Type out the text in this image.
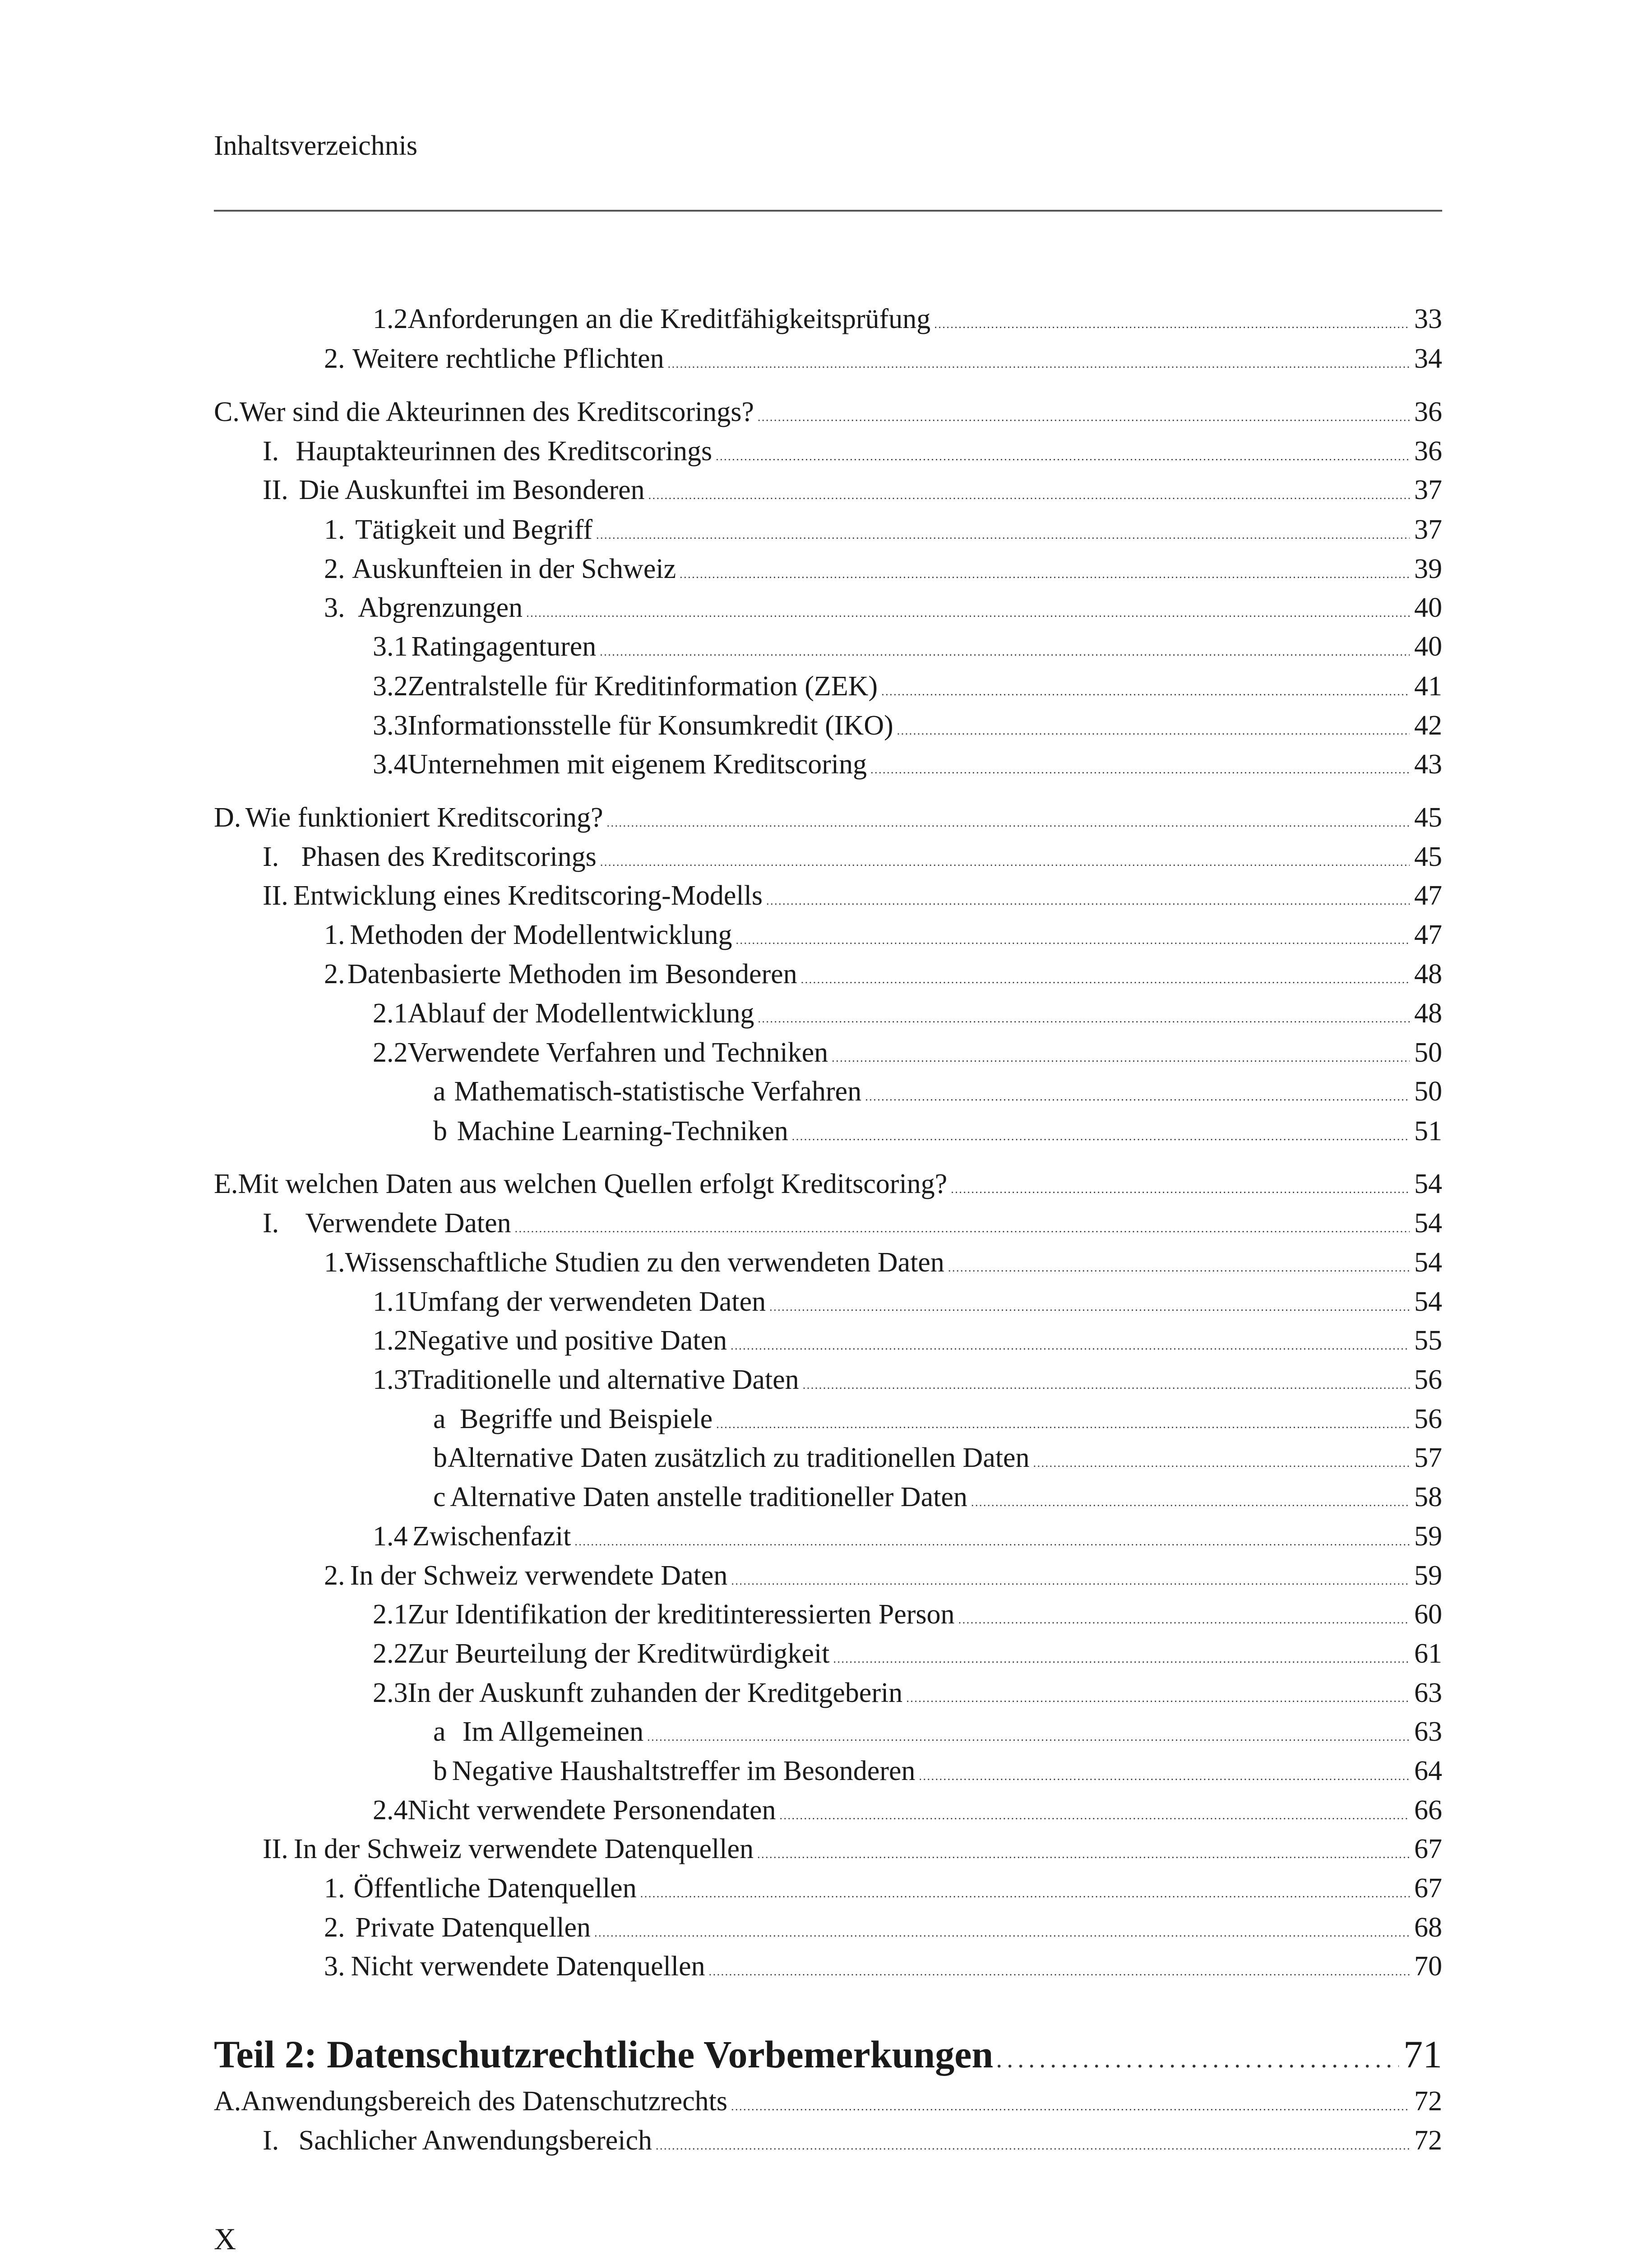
Inhaltsverzeichnis
1.2 Anforderungen an die Kreditfähigkeitsprüfung . . .	33
2. Weitere rechtliche Pflichten . . .	34
C. Wer sind die Akteurinnen des Kreditscorings? . . .	36
I. Hauptakteurinnen des Kreditscorings . . .	36
II. Die Auskunftei im Besonderen . . .	37
1. Tätigkeit und Begriff . . .	37
2. Auskunfteien in der Schweiz . . .	39
3. Abgrenzungen . . .	40
3.1 Ratingagenturen . . .	40
3.2 Zentralstelle für Kreditinformation (ZEK) . . .	41
3.3 Informationsstelle für Konsumkredit (IKO) . . .	42
3.4 Unternehmen mit eigenem Kreditscoring . . .	43
D. Wie funktioniert Kreditscoring? . . .	45
I. Phasen des Kreditscorings . . .	45
II. Entwicklung eines Kreditscoring-Modells . . .	47
1. Methoden der Modellentwicklung . . .	47
2. Datenbasierte Methoden im Besonderen . . .	48
2.1 Ablauf der Modellentwicklung . . .	48
2.2 Verwendete Verfahren und Techniken . . .	50
a Mathematisch-statistische Verfahren . . .	50
b Machine Learning-Techniken . . .	51
E. Mit welchen Daten aus welchen Quellen erfolgt Kreditscoring? . . .	54
I. Verwendete Daten . . .	54
1. Wissenschaftliche Studien zu den verwendeten Daten . . .	54
1.1 Umfang der verwendeten Daten . . .	54
1.2 Negative und positive Daten . . .	55
1.3 Traditionelle und alternative Daten . . .	56
a Begriffe und Beispiele . . .	56
b Alternative Daten zusätzlich zu traditionellen Daten . . .	57
c Alternative Daten anstelle traditioneller Daten . . .	58
1.4 Zwischenfazit . . .	59
2. In der Schweiz verwendete Daten . . .	59
2.1 Zur Identifikation der kreditinteressierten Person . . .	60
2.2 Zur Beurteilung der Kreditwürdigkeit . . .	61
2.3 In der Auskunft zuhanden der Kreditgeberin . . .	63
a Im Allgemeinen . . .	63
b Negative Haushaltstreffer im Besonderen . . .	64
2.4 Nicht verwendete Personendaten . . .	66
II. In der Schweiz verwendete Datenquellen . . .	67
1. Öffentliche Datenquellen . . .	67
2. Private Datenquellen . . .	68
3. Nicht verwendete Datenquellen . . .	70
Teil 2: Datenschutzrechtliche Vorbemerkungen . . .	71
A. Anwendungsbereich des Datenschutzrechts . . .	72
I. Sachlicher Anwendungsbereich . . .	72
X
